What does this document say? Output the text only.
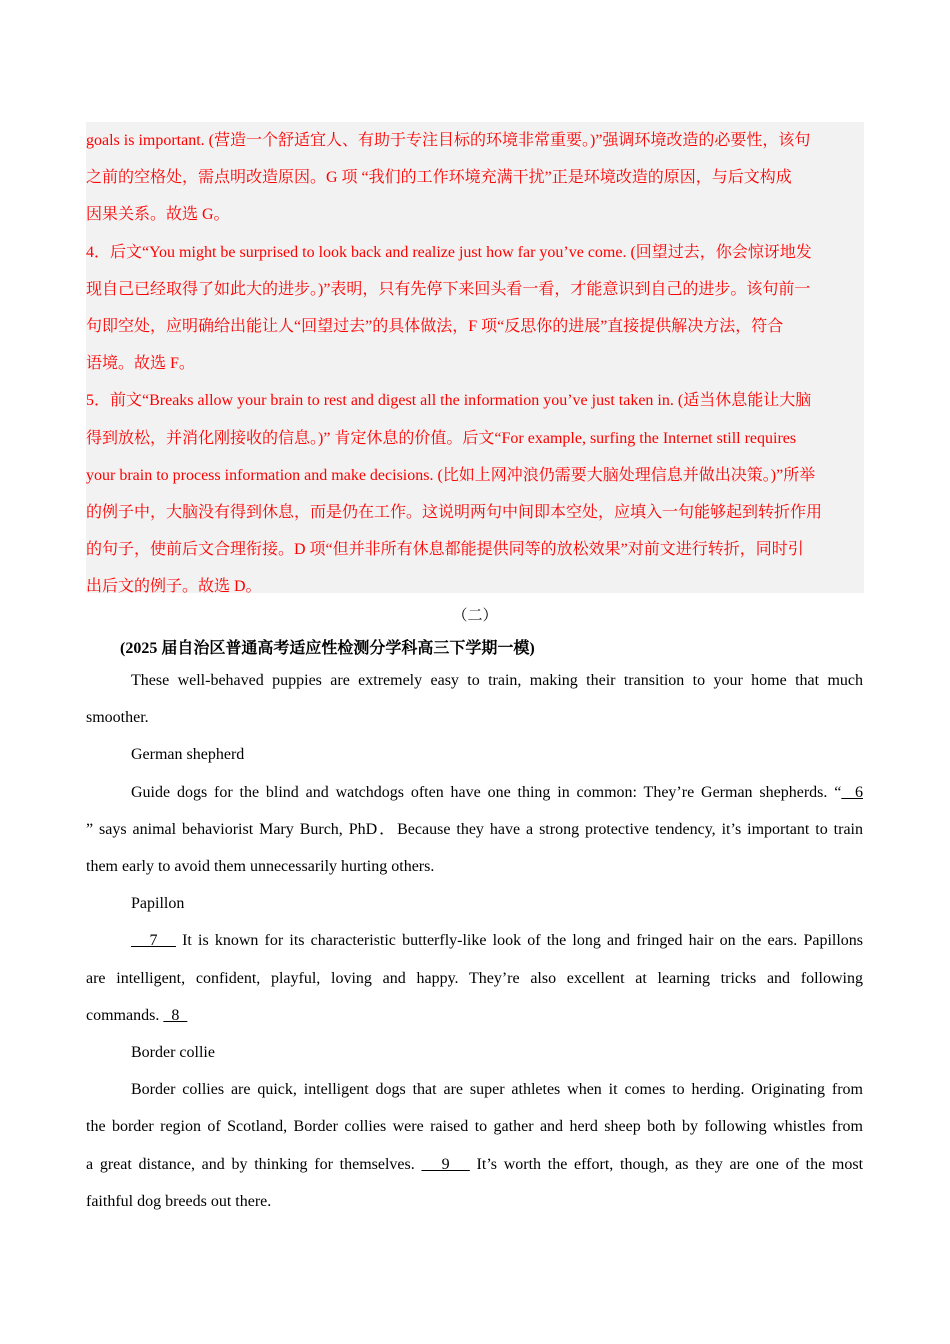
goals is important. (营造一个舒适宜人、有助于专注目标的环境非常重要。)”强调环境改造的必要性，该句

之前的空格处，需点明改造原因。G 项 “我们的工作环境充满干扰”正是环境改造的原因，与后文构成

因果关系。故选 G。

4．后文“You might be surprised to look back and realize just how far you’ve come. (回望过去，你会惊讶地发

现自己已经取得了如此大的进步。)”表明，只有先停下来回头看一看，才能意识到自己的进步。该句前一

句即空处，应明确给出能让人“回望过去”的具体做法，F 项“反思你的进展”直接提供解决方法，符合

语境。故选 F。

5．前文“Breaks allow your brain to rest and digest all the information you’ve just taken in. (适当休息能让大脑

得到放松，并消化刚接收的信息。)” 肯定休息的价值。后文“For example, surfing the Internet still requires

your brain to process information and make decisions. (比如上网冲浪仍需要大脑处理信息并做出决策。)”所举

的例子中，大脑没有得到休息，而是仍在工作。这说明两句中间即本空处，应填入一句能够起到转折作用

的句子，使前后文合理衔接。D 项“但并非所有休息都能提供同等的放松效果”对前文进行转折，同时引

出后文的例子。故选 D。

（二）
(2025 届自治区普通高考适应性检测分学科高三下学期一模)

These well-behaved puppies are extremely easy to train, making their transition to your home that much

smoother.

German shepherd

Guide dogs for the blind and watchdogs often have one thing in common: They’re German shepherds. “  6

” says animal behaviorist Mary Burch, PhD．Because they have a strong protective tendency, it’s important to train

them early to avoid them unnecessarily hurting others.

Papillon

7    It is known for its characteristic butterfly-like look of the long and fringed hair on the ears. Papillons

are intelligent, confident, playful, loving and happy. They’re also excellent at learning tricks and following

commands.   8

Border collie

Border collies are quick, intelligent dogs that are super athletes when it comes to herding. Originating from

the border region of Scotland, Border collies were raised to gather and herd sheep both by following whistles from

a great distance, and by thinking for themselves.    9    It’s worth the effort, though, as they are one of the most

faithful dog breeds out there.
